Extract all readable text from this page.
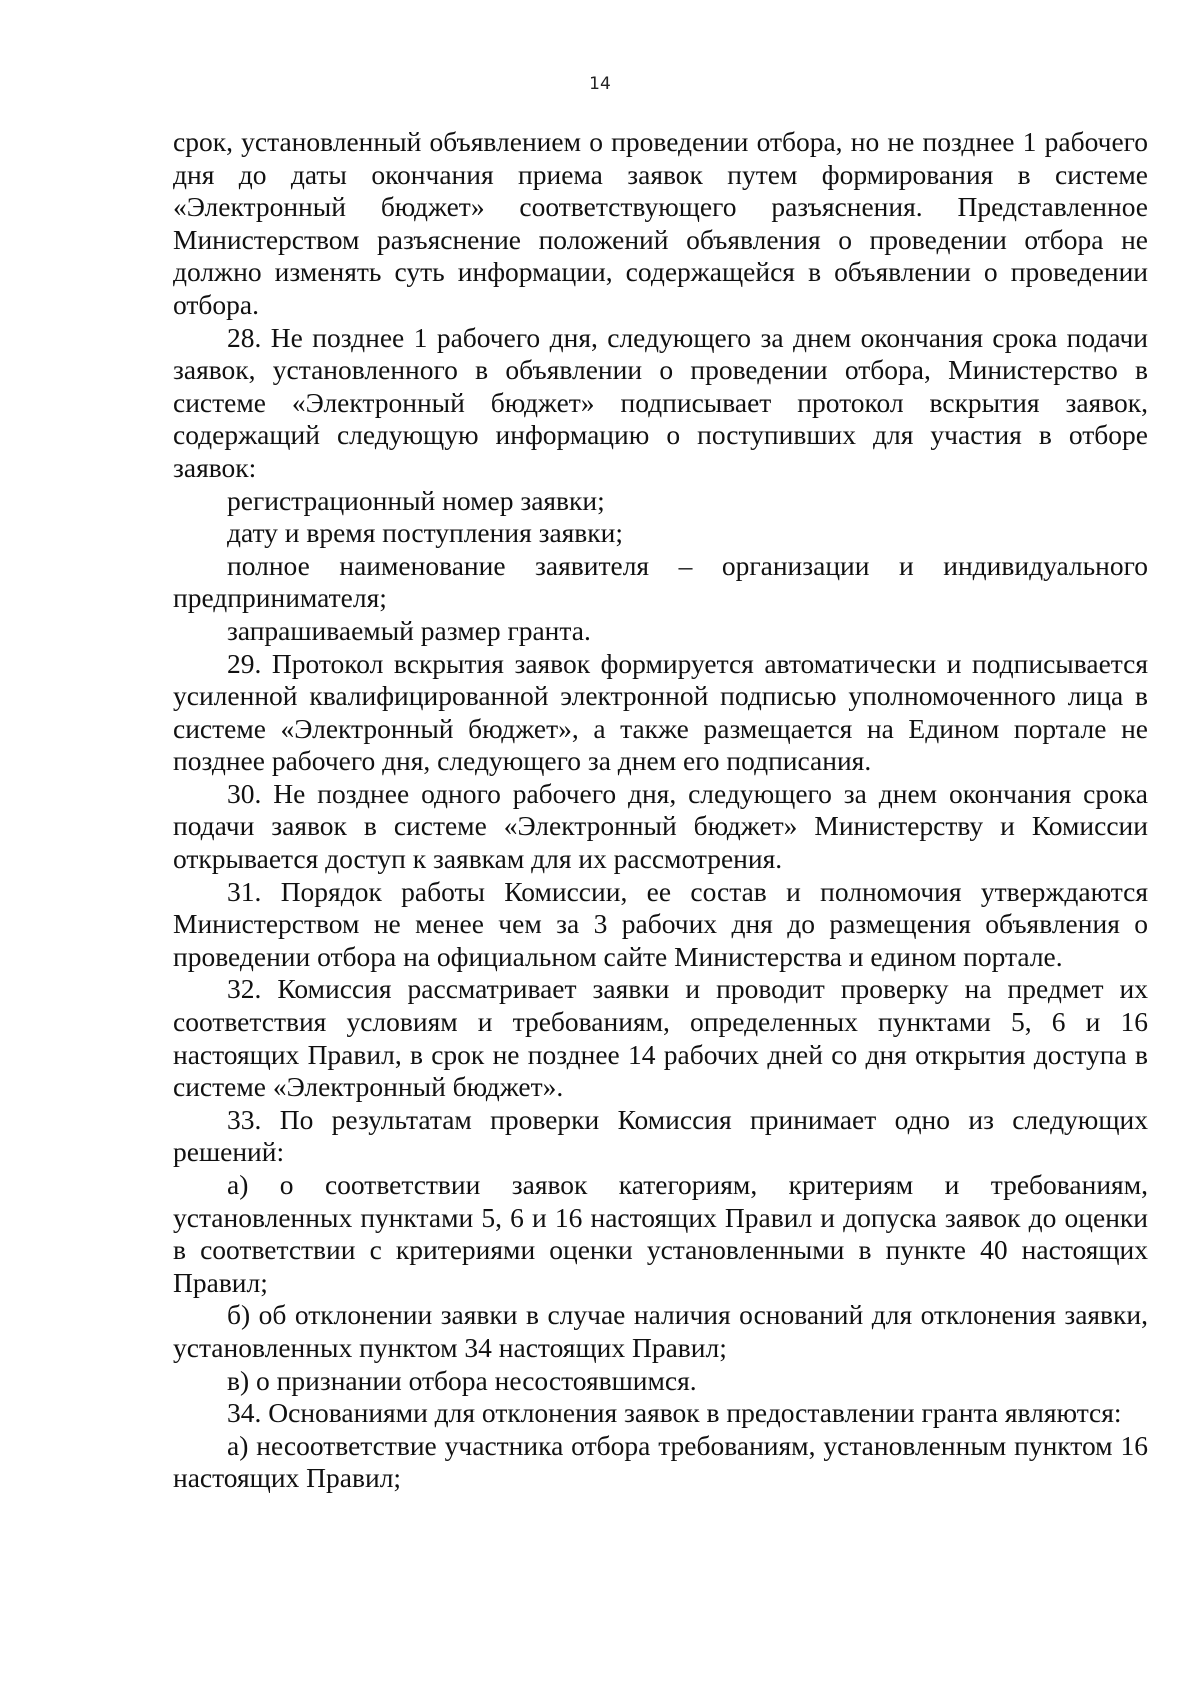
14

срок, установленный объявлением о проведении отбора, но не позднее 1 рабочего дня до даты окончания приема заявок путем формирования в системе «Электронный бюджет» соответствующего разъяснения. Представленное Министерством разъяснение положений объявления о проведении отбора не должно изменять суть информации, содержащейся в объявлении о проведении отбора.

28. Не позднее 1 рабочего дня, следующего за днем окончания срока подачи заявок, установленного в объявлении о проведении отбора, Министерство в системе «Электронный бюджет» подписывает протокол вскрытия заявок, содержащий следующую информацию о поступивших для участия в отборе заявок:

регистрационный номер заявки;

дату и время поступления заявки;

полное наименование заявителя – организации и индивидуального предпринимателя;

запрашиваемый размер гранта.

29. Протокол вскрытия заявок формируется автоматически и подписывается усиленной квалифицированной электронной подписью уполномоченного лица в системе «Электронный бюджет», а также размещается на Едином портале не позднее рабочего дня, следующего за днем его подписания.

30. Не позднее одного рабочего дня, следующего за днем окончания срока подачи заявок в системе «Электронный бюджет» Министерству и Комиссии открывается доступ к заявкам для их рассмотрения.

31. Порядок работы Комиссии, ее состав и полномочия утверждаются Министерством не менее чем за 3 рабочих дня до размещения объявления о проведении отбора на официальном сайте Министерства и едином портале.

32. Комиссия рассматривает заявки и проводит проверку на предмет их соответствия условиям и требованиям, определенных пунктами 5, 6 и 16 настоящих Правил, в срок не позднее 14 рабочих дней со дня открытия доступа в системе «Электронный бюджет».

33. По результатам проверки Комиссия принимает одно из следующих решений:

а) о соответствии заявок категориям, критериям и требованиям, установленных пунктами 5, 6 и 16 настоящих Правил и допуска заявок до оценки в соответствии с критериями оценки установленными в пункте 40 настоящих Правил;

б) об отклонении заявки в случае наличия оснований для отклонения заявки, установленных пунктом 34 настоящих Правил;

в) о признании отбора несостоявшимся.

34. Основаниями для отклонения заявок в предоставлении гранта являются:

а) несоответствие участника отбора требованиям, установленным пунктом 16 настоящих Правил;
